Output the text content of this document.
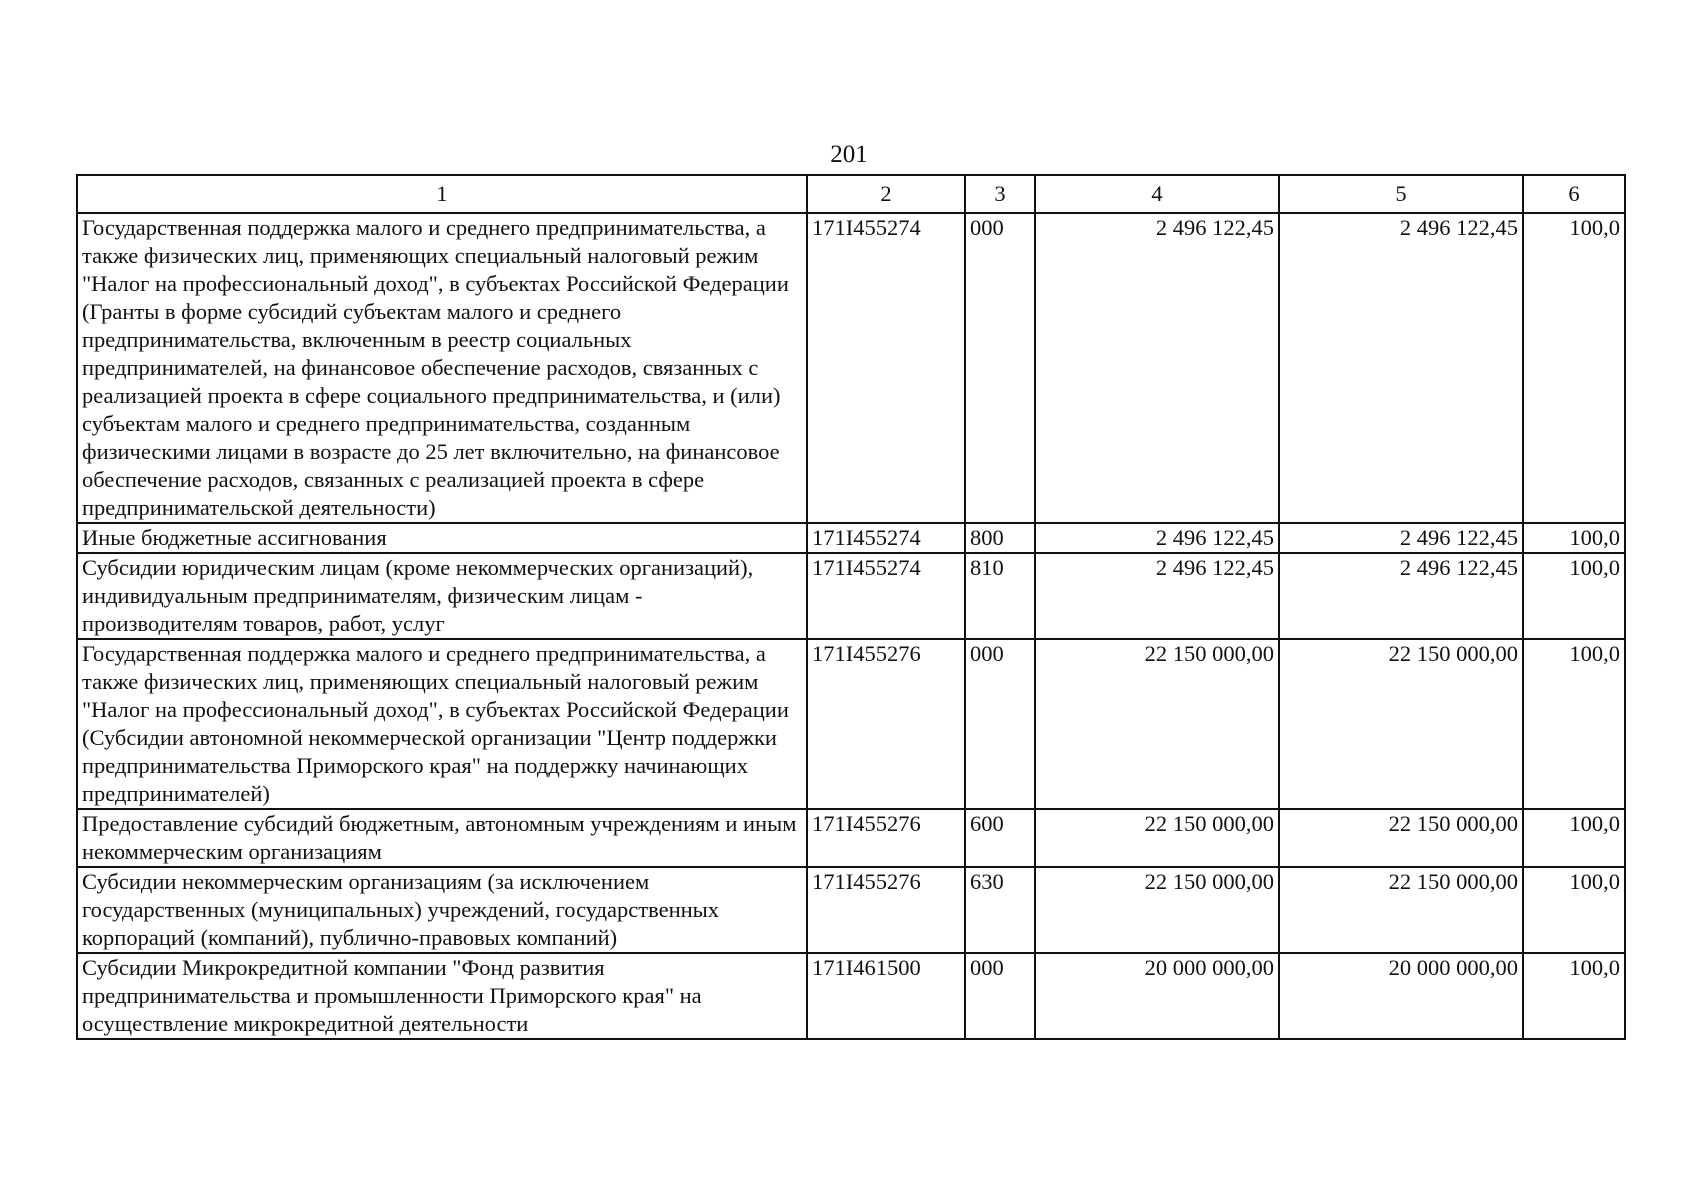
201
1	2	3	4	5	6
Государственная поддержка малого и среднего предпринимательства, а также физических лиц, применяющих специальный налоговый режим "Налог на профессиональный доход", в субъектах Российской Федерации (Гранты в форме субсидий субъектам малого и среднего предпринимательства, включенным в реестр социальных предпринимателей, на финансовое обеспечение расходов, связанных с реализацией проекта в сфере социального предпринимательства, и (или) субъектам малого и среднего предпринимательства, созданным физическими лицами в возрасте до 25 лет включительно, на финансовое обеспечение расходов, связанных с реализацией проекта в сфере предпринимательской деятельности)	171I455274	000	2 496 122,45	2 496 122,45	100,0
Иные бюджетные ассигнования	171I455274	800	2 496 122,45	2 496 122,45	100,0
Субсидии юридическим лицам (кроме некоммерческих организаций), индивидуальным предпринимателям, физическим лицам - производителям товаров, работ, услуг	171I455274	810	2 496 122,45	2 496 122,45	100,0
Государственная поддержка малого и среднего предпринимательства, а также физических лиц, применяющих специальный налоговый режим "Налог на профессиональный доход", в субъектах Российской Федерации (Субсидии автономной некоммерческой организации "Центр поддержки предпринимательства Приморского края" на поддержку начинающих предпринимателей)	171I455276	000	22 150 000,00	22 150 000,00	100,0
Предоставление субсидий бюджетным, автономным учреждениям и иным некоммерческим организациям	171I455276	600	22 150 000,00	22 150 000,00	100,0
Субсидии некоммерческим организациям (за исключением государственных (муниципальных) учреждений, государственных корпораций (компаний), публично-правовых компаний)	171I455276	630	22 150 000,00	22 150 000,00	100,0
Субсидии Микрокредитной компании "Фонд развития предпринимательства и промышленности Приморского края" на осуществление микрокредитной деятельности	171I461500	000	20 000 000,00	20 000 000,00	100,0
